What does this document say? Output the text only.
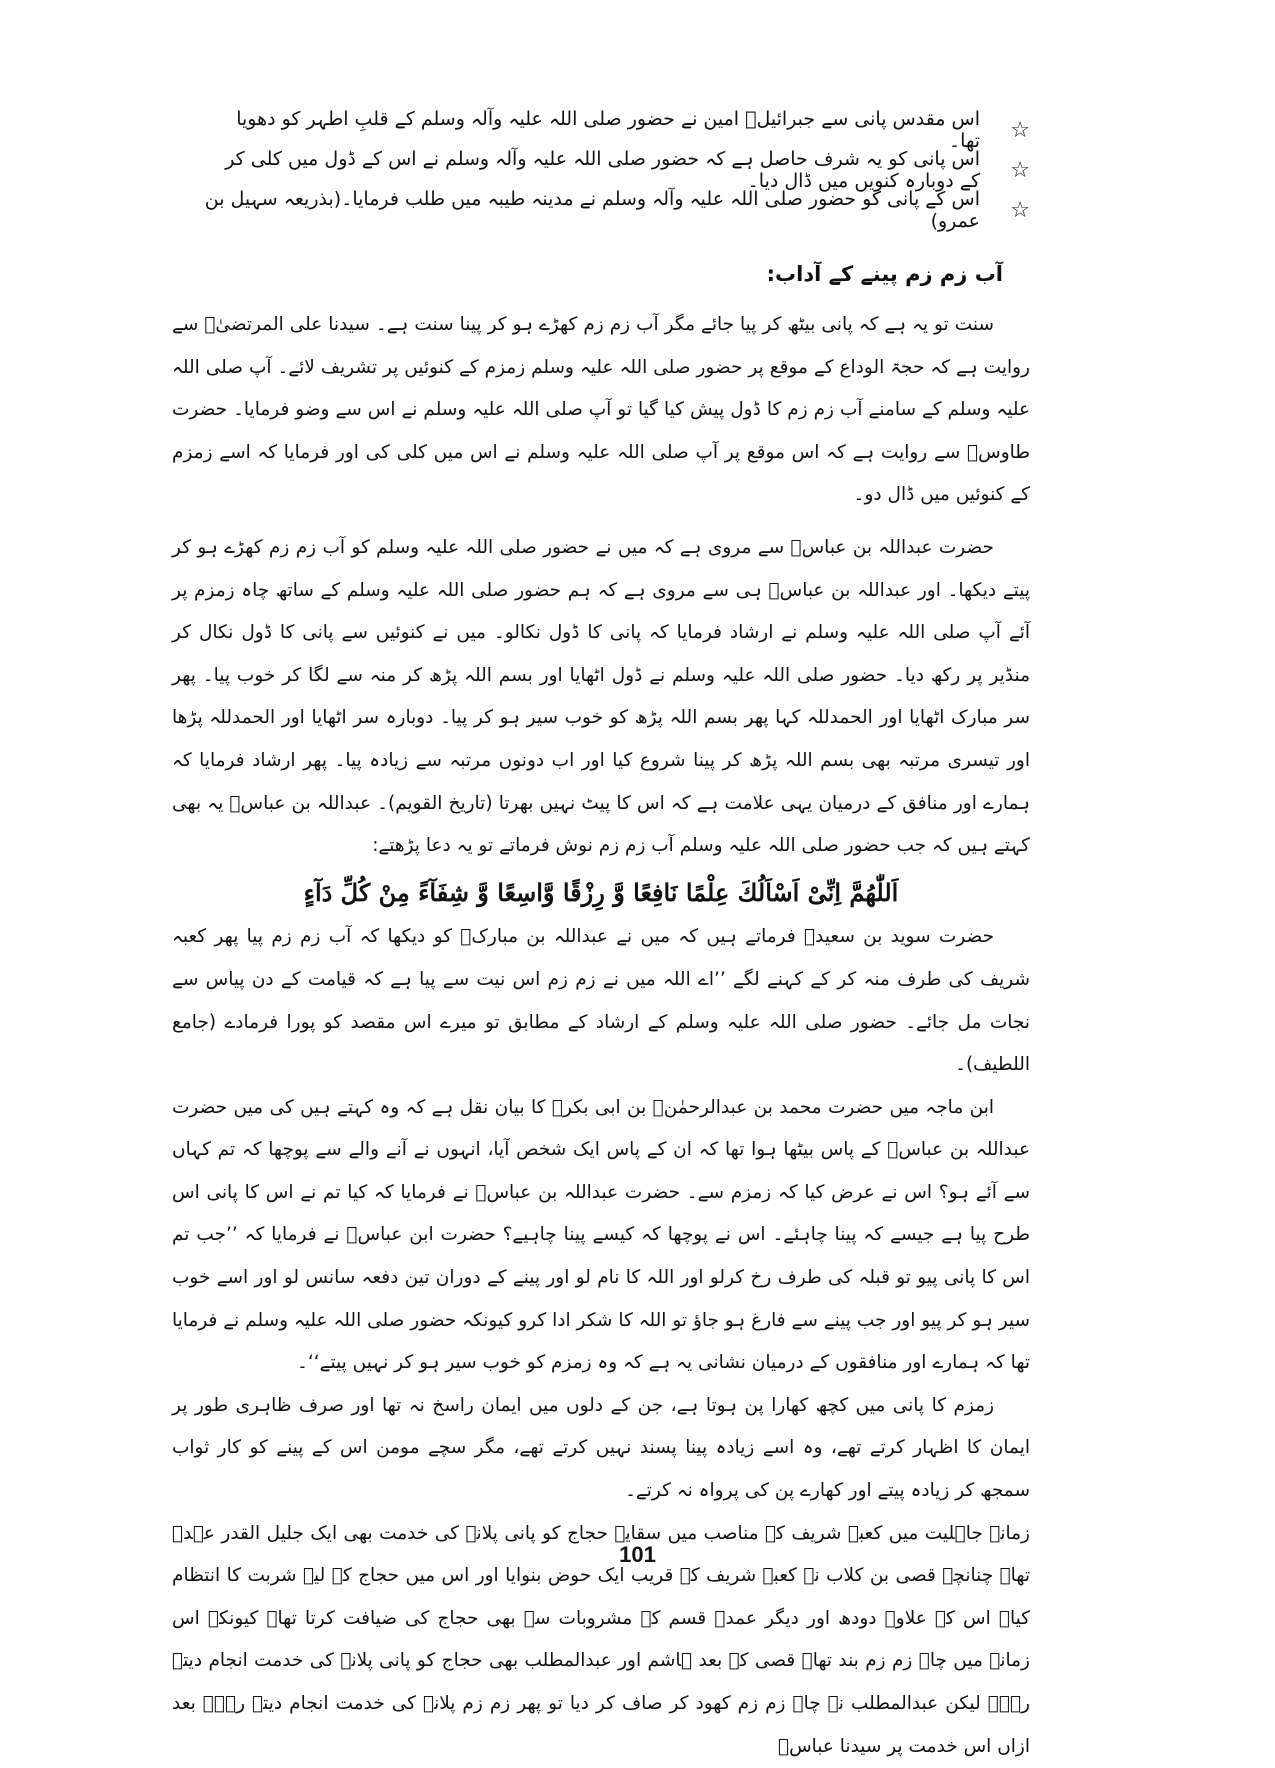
☆
اس مقدس پانی سے جبرائیلؑ امین نے حضور صلی اللہ علیہ وآلہ وسلم کے قلبِ اطہر کو دھویا تھا۔
☆
اس پانی کو یہ شرف حاصل ہے کہ حضور صلی اللہ علیہ وآلہ وسلم نے اس کے ڈول میں کلی کر کے دوبارہ کنویں میں ڈال دیا۔
☆
اس کے پانی کو حضور صلی اللہ علیہ وآلہ وسلم نے مدینہ طیبہ میں طلب فرمایا۔(بذریعہ سہیل بن عمرو)
آب زم زم پینے کے آداب:

سنت تو یہ ہے کہ پانی بیٹھ کر پیا جائے مگر آب زم زم کھڑے ہو کر پینا سنت ہے۔ سیدنا علی المرتضیٰؓ سے روایت ہے کہ حجۃ الوداع کے موقع پر حضور صلی اللہ علیہ وسلم زمزم کے کنوئیں پر تشریف لائے۔ آپ صلی اللہ علیہ وسلم کے سامنے آب زم زم کا ڈول پیش کیا گیا تو آپ صلی اللہ علیہ وسلم نے اس سے وضو فرمایا۔ حضرت طاوسؒ سے روایت ہے کہ اس موقع پر آپ صلی اللہ علیہ وسلم نے اس میں کلی کی اور فرمایا کہ اسے زمزم کے کنوئیں میں ڈال دو۔

حضرت عبداللہ بن عباسؓ سے مروی ہے کہ میں نے حضور صلی اللہ علیہ وسلم کو آب زم زم کھڑے ہو کر پیتے دیکھا۔ اور عبداللہ بن عباسؓ ہی سے مروی ہے کہ ہم حضور صلی اللہ علیہ وسلم کے ساتھ چاہ زمزم پر آئے آپ صلی اللہ علیہ وسلم نے ارشاد فرمایا کہ پانی کا ڈول نکالو۔ میں نے کنوئیں سے پانی کا ڈول نکال کر منڈیر پر رکھ دیا۔ حضور صلی اللہ علیہ وسلم نے ڈول اٹھایا اور بسم اللہ پڑھ کر منہ سے لگا کر خوب پیا۔ پھر سر مبارک اٹھایا اور الحمدللہ کہا پھر بسم اللہ پڑھ کو خوب سیر ہو کر پیا۔ دوبارہ سر اٹھایا اور الحمدللہ پڑھا اور تیسری مرتبہ بھی بسم اللہ پڑھ کر پینا شروع کیا اور اب دونوں مرتبہ سے زیادہ پیا۔ پھر ارشاد فرمایا کہ ہمارے اور منافق کے درمیان یہی علامت ہے کہ اس کا پیٹ نہیں بھرتا (تاریخ القویم)۔ عبداللہ بن عباسؓ یہ بھی کہتے ہیں کہ جب حضور صلی اللہ علیہ وسلم آب زم زم نوش فرماتے تو یہ دعا پڑھتے:

اَللّٰهُمَّ اِنِّیْ اَسْاَلُكَ عِلْمًا نَافِعًا وَّ رِزْقًا وَّاسِعًا وَّ شِفَآءً مِنْ كُلِّ دَآءٍ

حضرت سوید بن سعیدؒ فرماتے ہیں کہ میں نے عبداللہ بن مبارکؒ کو دیکھا کہ آب زم زم پیا پھر کعبہ شریف کی طرف منہ کر کے کہنے لگے ’’اے اللہ میں نے زم زم اس نیت سے پیا ہے کہ قیامت کے دن پیاس سے نجات مل جائے۔ حضور صلی اللہ علیہ وسلم کے ارشاد کے مطابق تو میرے اس مقصد کو پورا فرمادے (جامع اللطیف)۔

ابن ماجہ میں حضرت محمد بن عبدالرحمٰنؒ بن ابی بکرؓ کا بیان نقل ہے کہ وہ کہتے ہیں کی میں حضرت عبداللہ بن عباسؓ کے پاس بیٹھا ہوا تھا کہ ان کے پاس ایک شخص آیا، انہوں نے آنے والے سے پوچھا کہ تم کہاں سے آئے ہو؟ اس نے عرض کیا کہ زمزم سے۔ حضرت عبداللہ بن عباسؓ نے فرمایا کہ کیا تم نے اس کا پانی اس طرح پیا ہے جیسے کہ پینا چاہئے۔ اس نے پوچھا کہ کیسے پینا چاہیے؟ حضرت ابن عباسؓ نے فرمایا کہ ’’جب تم اس کا پانی پیو تو قبلہ کی طرف رخ کرلو اور اللہ کا نام لو اور پینے کے دوران تین دفعہ سانس لو اور اسے خوب سیر ہو کر پیو اور جب پینے سے فارغ ہو جاؤ تو اللہ کا شکر ادا کرو کیونکہ حضور صلی اللہ علیہ وسلم نے فرمایا تھا کہ ہمارے اور منافقوں کے درمیان نشانی یہ ہے کہ وہ زمزم کو خوب سیر ہو کر نہیں پیتے‘‘۔

زمزم کا پانی میں کچھ کھارا پن ہوتا ہے، جن کے دلوں میں ایمان راسخ نہ تھا اور صرف ظاہری طور پر ایمان کا اظہار کرتے تھے، وہ اسے زیادہ پینا پسند نہیں کرتے تھے، مگر سچے مومن اس کے پینے کو کار ثواب سمجھ کر زیادہ پیتے اور کھارے پن کی پرواہ نہ کرتے۔

زمانہ جاہلیت میں کعبہ شریف کے مناصب میں سقایہ حجاج کو پانی پلانے کی خدمت بھی ایک جلیل القدر عہدہ تھا۔ چنانچہ قصی بن کلاب نے کعبہ شریف کے قریب ایک حوض بنوایا اور اس میں حجاج کے لیے شربت کا انتظام کیا۔ اس کے علاوہ دودھ اور دیگر عمدہ قسم کے مشروبات سے بھی حجاج کی ضیافت کرتا تھا۔ کیونکہ اس زمانے میں چاہ زم زم بند تھا۔ قصی کے بعد ہاشم اور عبدالمطلب بھی حجاج کو پانی پلانے کی خدمت انجام دیتے رہے۔ لیکن عبدالمطلب نے چاہ زم زم کھود کر صاف کر دیا تو پھر زم زم پلانے کی خدمت انجام دیتے رہے۔ بعد ازاں اس خدمت پر سیدنا عباسؓ

101
